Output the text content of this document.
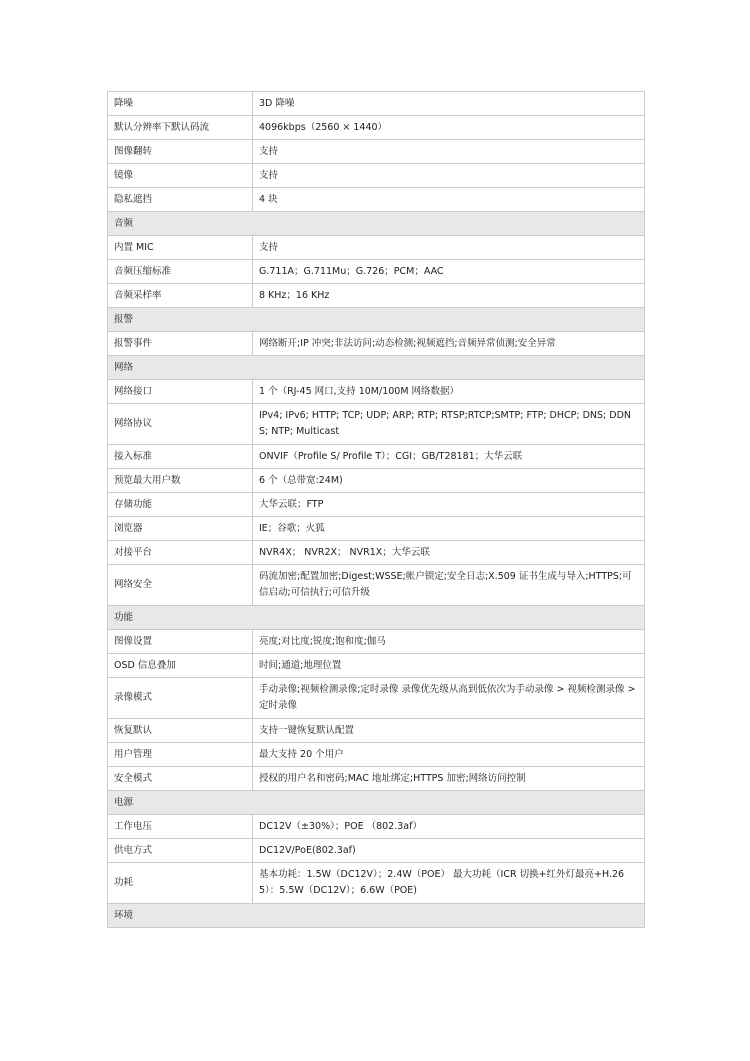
降噪	3D 降噪
默认分辨率下默认码流	4096kbps（2560 × 1440）
图像翻转	支持
镜像	支持
隐私遮挡	4 块
音频	
内置 MIC	支持
音频压缩标准	G.711A；G.711Mu；G.726；PCM；AAC
音频采样率	8 KHz；16 KHz
报警	
报警事件	网络断开;IP 冲突;非法访问;动态检测;视频遮挡;音频异常侦测;安全异常
网络	
网络接口	1 个（RJ-45 网口,支持 10M/100M 网络数据）
网络协议	IPv4; IPv6; HTTP; TCP; UDP; ARP; RTP; RTSP;RTCP;SMTP; FTP; DHCP; DNS; DDNS; NTP; Multicast
接入标准	ONVIF（Profile S/ Profile T）；CGI；GB/T28181；大华云联
预览最大用户数	6 个（总带宽:24M)
存储功能	大华云联；FTP
浏览器	IE；谷歌；火狐
对接平台	NVR4X； NVR2X； NVR1X；大华云联
网络安全	码流加密;配置加密;Digest;WSSE;帐户锁定;安全日志;X.509 证书生成与导入;HTTPS;可信启动;可信执行;可信升级
功能	
图像设置	亮度;对比度;锐度;饱和度;伽马
OSD 信息叠加	时间;通道;地理位置
录像模式	手动录像;视频检测录像;定时录像 录像优先级从高到低依次为手动录像 > 视频检测录像 > 定时录像
恢复默认	支持一键恢复默认配置
用户管理	最大支持 20 个用户
安全模式	授权的用户名和密码;MAC 地址绑定;HTTPS 加密;网络访问控制
电源	
工作电压	DC12V（±30%）；POE （802.3af）
供电方式	DC12V/PoE(802.3af)
功耗	基本功耗：1.5W（DC12V）；2.4W（POE） 最大功耗（ICR 切换+红外灯最亮+H.265）：5.5W（DC12V）；6.6W（POE)
环境	
